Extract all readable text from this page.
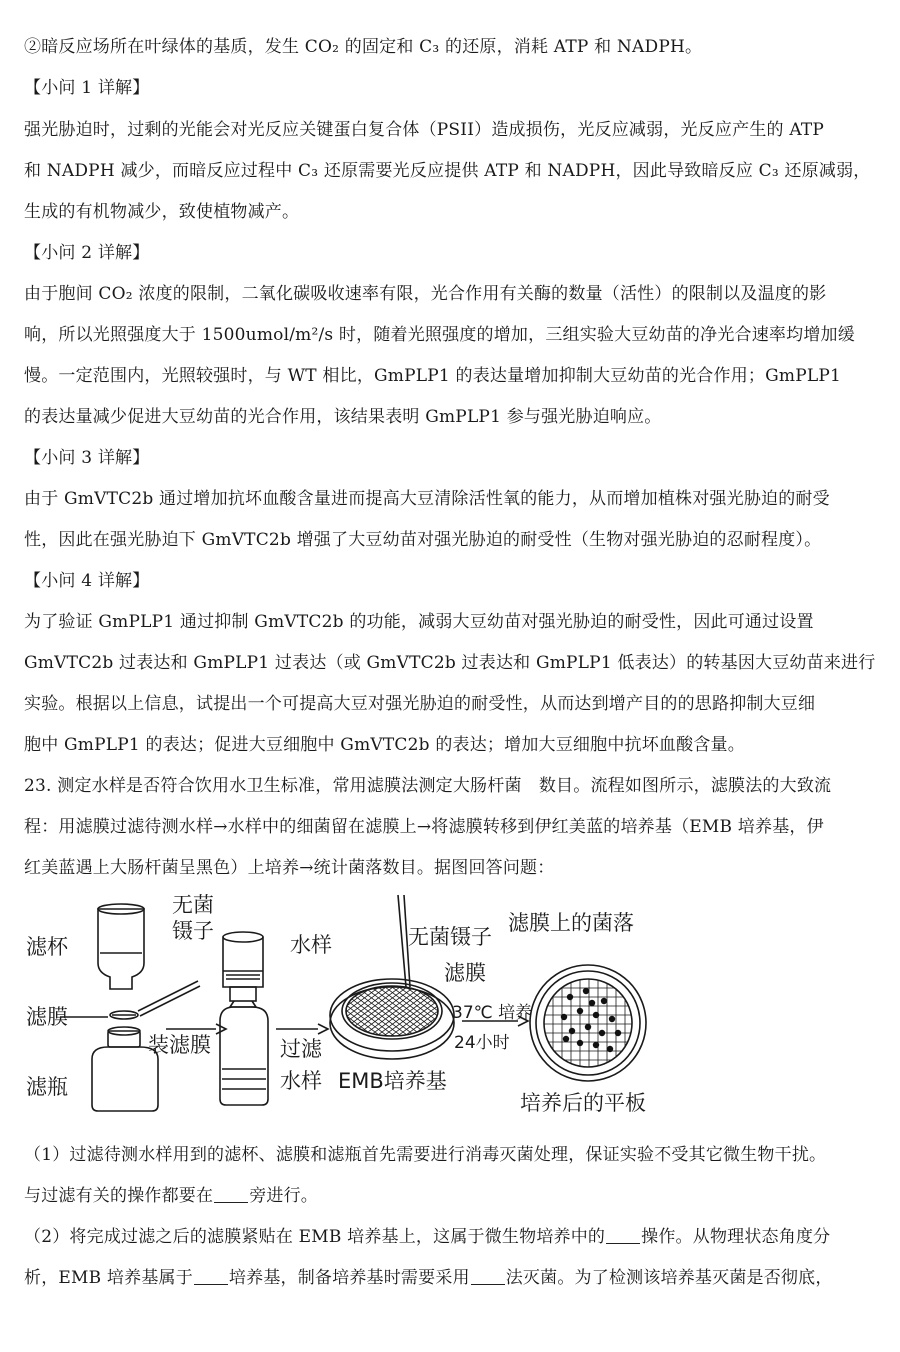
②暗反应场所在叶绿体的基质，发生 CO₂ 的固定和 C₃ 的还原，消耗 ATP 和 NADPH。
【小问 1 详解】
强光胁迫时，过剩的光能会对光反应关键蛋白复合体（PSII）造成损伤，光反应减弱，光反应产生的 ATP
和 NADPH 减少，而暗反应过程中 C₃ 还原需要光反应提供 ATP 和 NADPH，因此导致暗反应 C₃ 还原减弱，
生成的有机物减少，致使植物减产。
【小问 2 详解】
由于胞间 CO₂ 浓度的限制，二氧化碳吸收速率有限，光合作用有关酶的数量（活性）的限制以及温度的影
响，所以光照强度大于 1500umol/m²/s 时，随着光照强度的增加，三组实验大豆幼苗的净光合速率均增加缓
慢。一定范围内，光照较强时，与 WT 相比，GmPLP1 的表达量增加抑制大豆幼苗的光合作用；GmPLP1
的表达量减少促进大豆幼苗的光合作用，该结果表明 GmPLP1 参与强光胁迫响应。
【小问 3 详解】
由于 GmVTC2b 通过增加抗坏血酸含量进而提高大豆清除活性氧的能力，从而增加植株对强光胁迫的耐受
性，因此在强光胁迫下 GmVTC2b 增强了大豆幼苗对强光胁迫的耐受性（生物对强光胁迫的忍耐程度）。
【小问 4 详解】
为了验证 GmPLP1 通过抑制 GmVTC2b 的功能，减弱大豆幼苗对强光胁迫的耐受性，因此可通过设置
GmVTC2b 过表达和 GmPLP1 过表达（或 GmVTC2b 过表达和 GmPLP1 低表达）的转基因大豆幼苗来进行
实验。根据以上信息，试提出一个可提高大豆对强光胁迫的耐受性，从而达到增产目的的思路抑制大豆细
胞中 GmPLP1 的表达；促进大豆细胞中 GmVTC2b 的表达；增加大豆细胞中抗坏血酸含量。
23. 测定水样是否符合饮用水卫生标准，常用滤膜法测定大肠杆菌　数目。流程如图所示，滤膜法的大致流
程：用滤膜过滤待测水样→水样中的细菌留在滤膜上→将滤膜转移到伊红美蓝的培养基（EMB 培养基，伊
红美蓝遇上大肠杆菌呈黑色）上培养→统计菌落数目。据图回答问题：
无菌
镊子
滤杯
滤膜
滤瓶
装滤膜
水样
过滤
水样
无菌镊子
滤膜
EMB培养基
37℃ 培养
24小时
滤膜上的菌落
培养后的平板
（1）过滤待测水样用到的滤杯、滤膜和滤瓶首先需要进行消毒灭菌处理，保证实验不受其它微生物干扰。
与过滤有关的操作都要在 旁进行。
（2）将完成过滤之后的滤膜紧贴在 EMB 培养基上，这属于微生物培养中的 操作。从物理状态角度分
析，EMB 培养基属于 培养基，制备培养基时需要采用 法灭菌。为了检测该培养基灭菌是否彻底，
